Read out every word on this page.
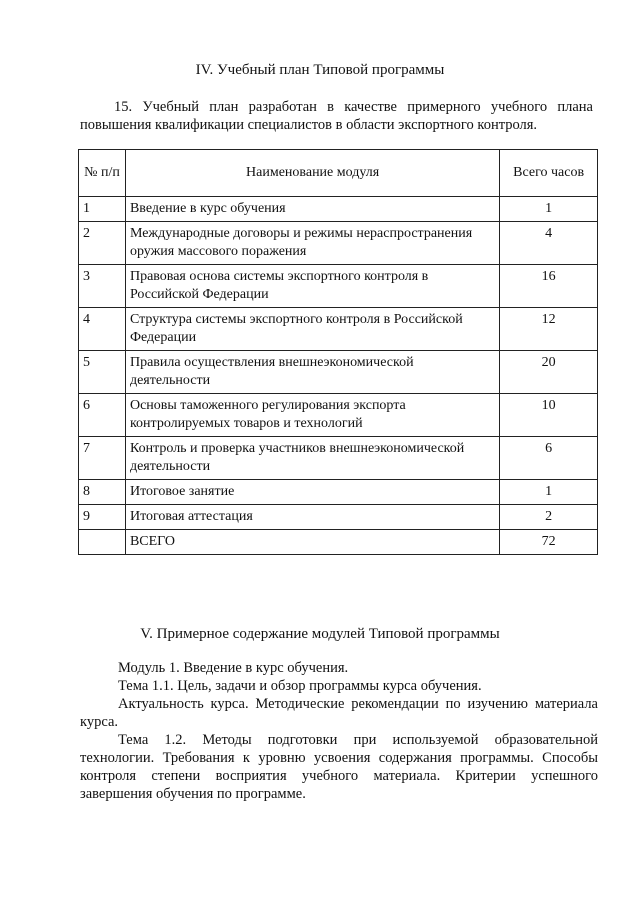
IV. Учебный план Типовой программы
15. Учебный план разработан в качестве примерного учебного плана повышения квалификации специалистов в области экспортного контроля.
№ п/п	Наименование модуля	Всего часов
1	Введение в курс обучения	1
2	Международные договоры и режимы нераспространения оружия массового поражения	4
3	Правовая основа системы экспортного контроля в Российской Федерации	16
4	Структура системы экспортного контроля в Российской Федерации	12
5	Правила осуществления внешнеэкономической деятельности	20
6	Основы таможенного регулирования экспорта контролируемых товаров и технологий	10
7	Контроль и проверка участников внешнеэкономической деятельности	6
8	Итоговое занятие	1
9	Итоговая аттестация	2
	ВСЕГО	72
V. Примерное содержание модулей Типовой программы

Модуль 1. Введение в курс обучения.

Тема 1.1. Цель, задачи и обзор программы курса обучения.

Актуальность курса. Методические рекомендации по изучению материала курса.

Тема 1.2. Методы подготовки при используемой образовательной технологии. Требования к уровню усвоения содержания программы. Способы контроля степени восприятия учебного материала. Критерии успешного завершения обучения по программе.
